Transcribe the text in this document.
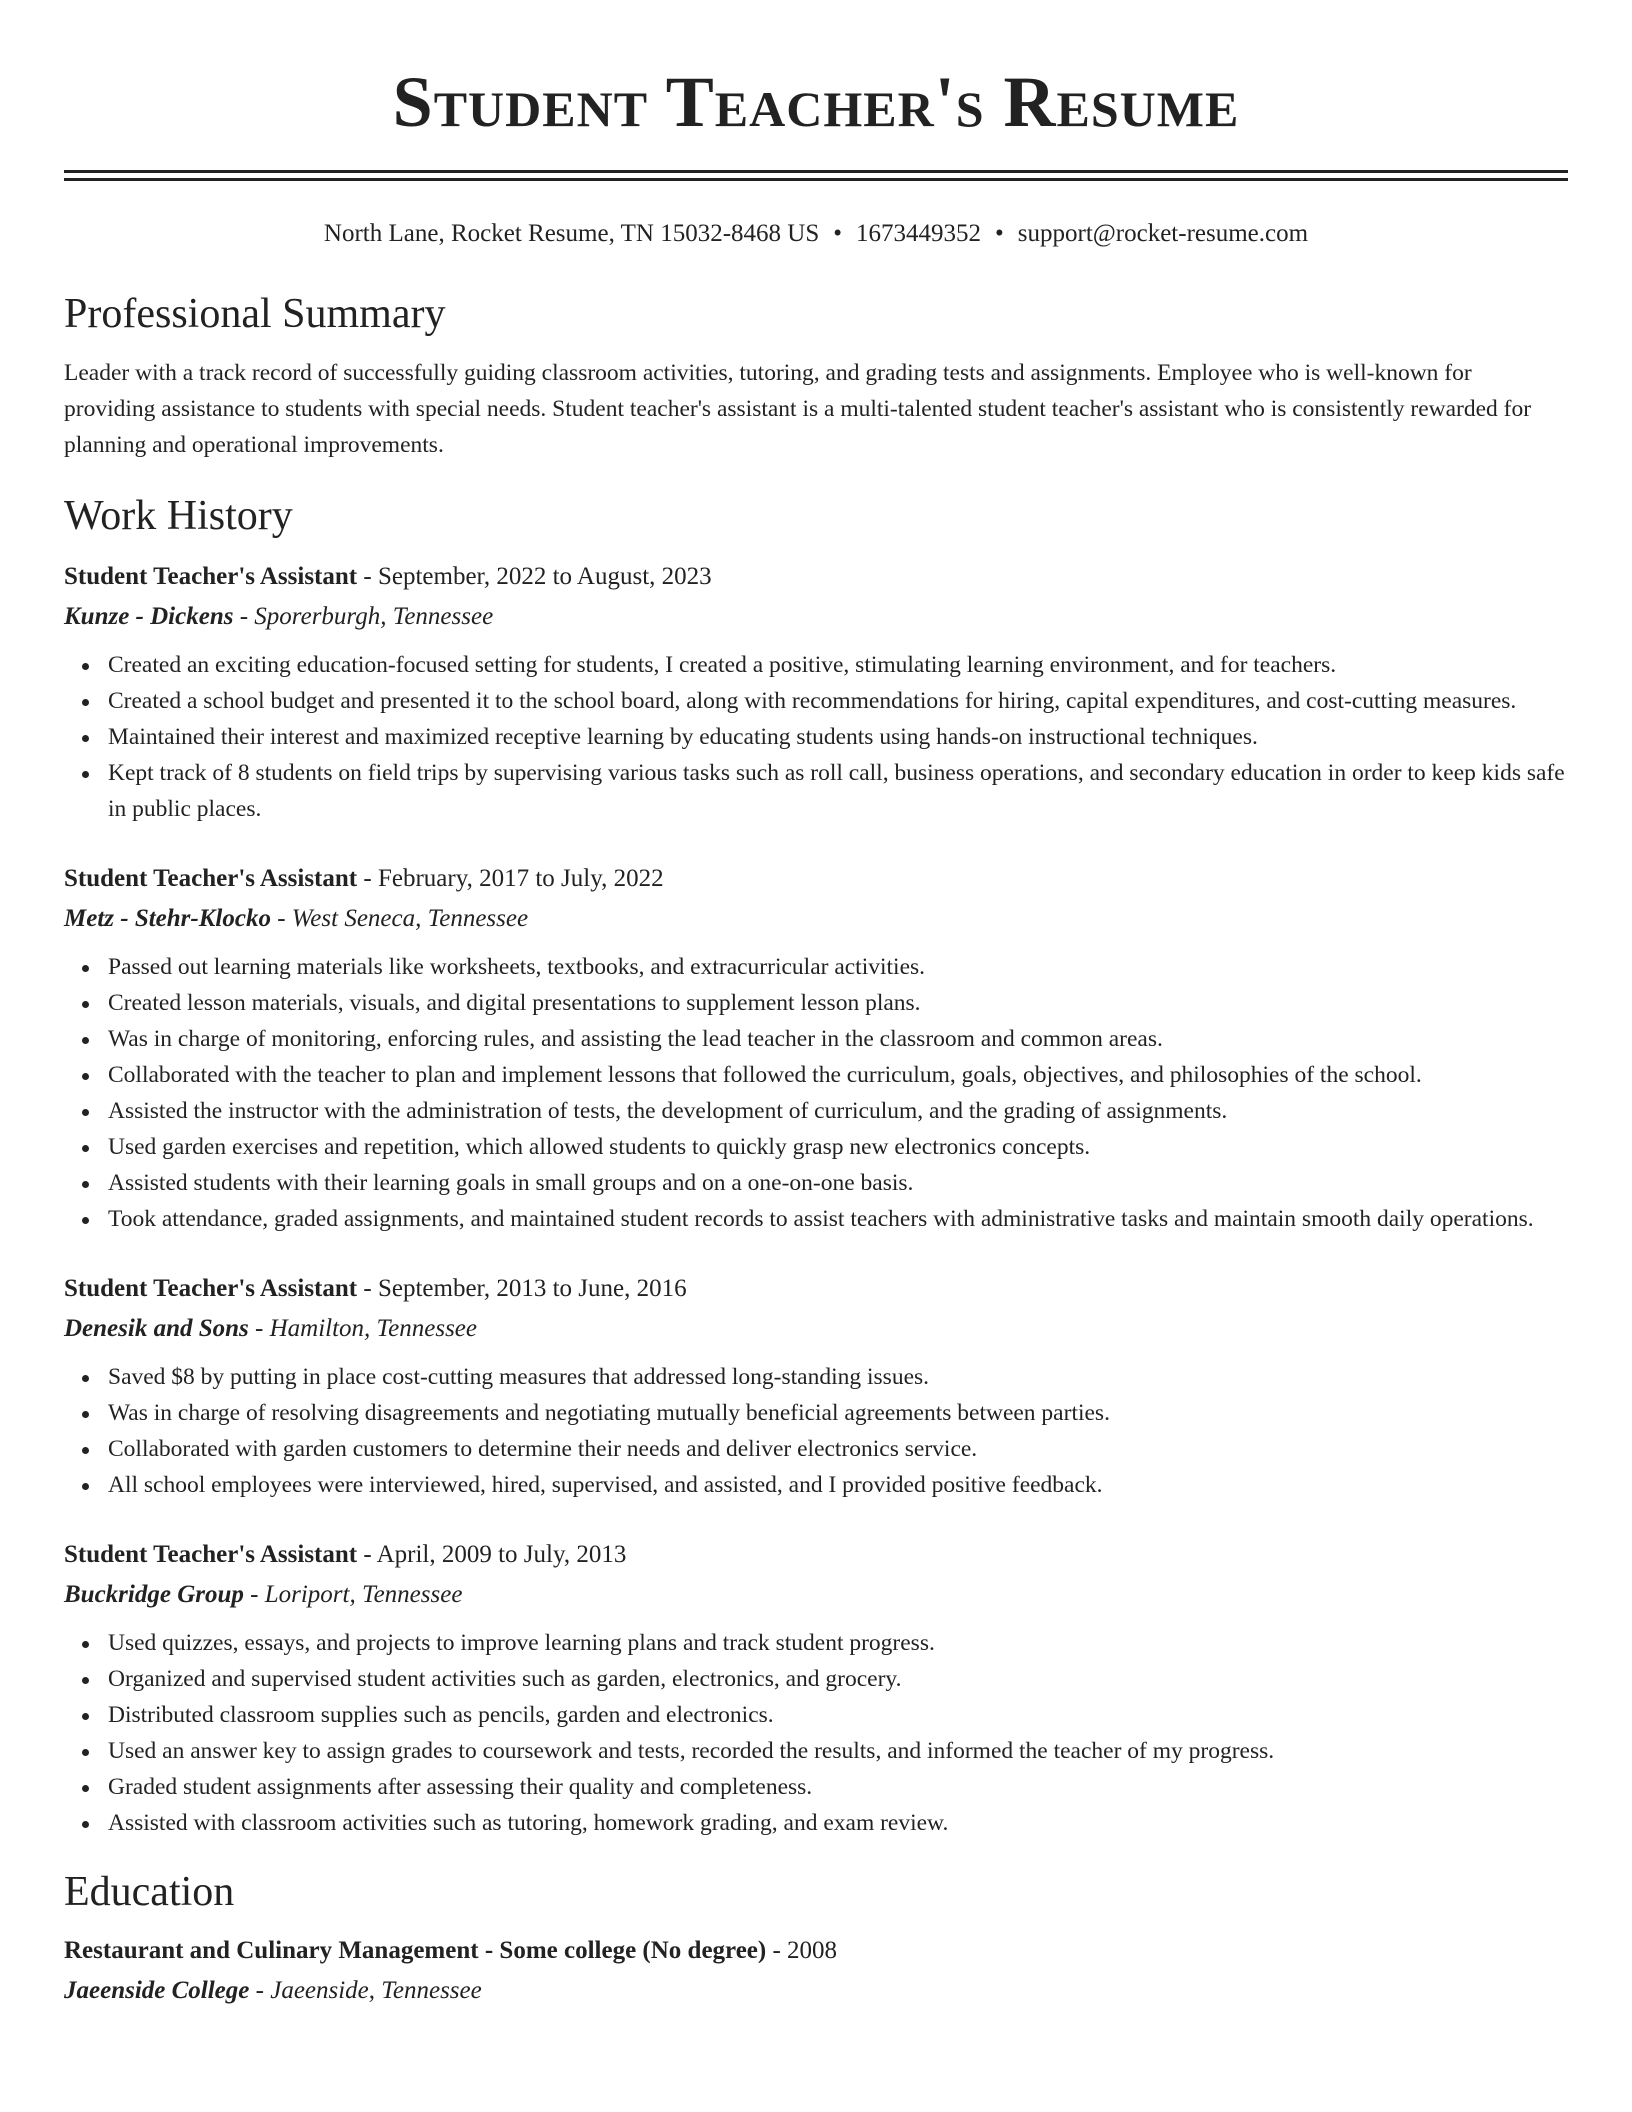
Student Teacher's Resume
North Lane, Rocket Resume, TN 15032-8468 US • 1673449352 • support@rocket-resume.com
Professional Summary

Leader with a track record of successfully guiding classroom activities, tutoring, and grading tests and assignments. Employee who is well-known for providing assistance to students with special needs. Student teacher's assistant is a multi-talented student teacher's assistant who is consistently rewarded for planning and operational improvements.

Work History
Student Teacher's Assistant - September, 2022 to August, 2023
Kunze - Dickens - Sporerburgh, Tennessee
Created an exciting education-focused setting for students, I created a positive, stimulating learning environment, and for teachers.
Created a school budget and presented it to the school board, along with recommendations for hiring, capital expenditures, and cost-cutting measures.
Maintained their interest and maximized receptive learning by educating students using hands-on instructional techniques.
Kept track of 8 students on field trips by supervising various tasks such as roll call, business operations, and secondary education in order to keep kids safe in public places.
Student Teacher's Assistant - February, 2017 to July, 2022
Metz - Stehr-Klocko - West Seneca, Tennessee
Passed out learning materials like worksheets, textbooks, and extracurricular activities.
Created lesson materials, visuals, and digital presentations to supplement lesson plans.
Was in charge of monitoring, enforcing rules, and assisting the lead teacher in the classroom and common areas.
Collaborated with the teacher to plan and implement lessons that followed the curriculum, goals, objectives, and philosophies of the school.
Assisted the instructor with the administration of tests, the development of curriculum, and the grading of assignments.
Used garden exercises and repetition, which allowed students to quickly grasp new electronics concepts.
Assisted students with their learning goals in small groups and on a one-on-one basis.
Took attendance, graded assignments, and maintained student records to assist teachers with administrative tasks and maintain smooth daily operations.
Student Teacher's Assistant - September, 2013 to June, 2016
Denesik and Sons - Hamilton, Tennessee
Saved $8 by putting in place cost-cutting measures that addressed long-standing issues.
Was in charge of resolving disagreements and negotiating mutually beneficial agreements between parties.
Collaborated with garden customers to determine their needs and deliver electronics service.
All school employees were interviewed, hired, supervised, and assisted, and I provided positive feedback.
Student Teacher's Assistant - April, 2009 to July, 2013
Buckridge Group - Loriport, Tennessee
Used quizzes, essays, and projects to improve learning plans and track student progress.
Organized and supervised student activities such as garden, electronics, and grocery.
Distributed classroom supplies such as pencils, garden and electronics.
Used an answer key to assign grades to coursework and tests, recorded the results, and informed the teacher of my progress.
Graded student assignments after assessing their quality and completeness.
Assisted with classroom activities such as tutoring, homework grading, and exam review.
Education
Restaurant and Culinary Management - Some college (No degree) - 2008
Jaeenside College - Jaeenside, Tennessee
